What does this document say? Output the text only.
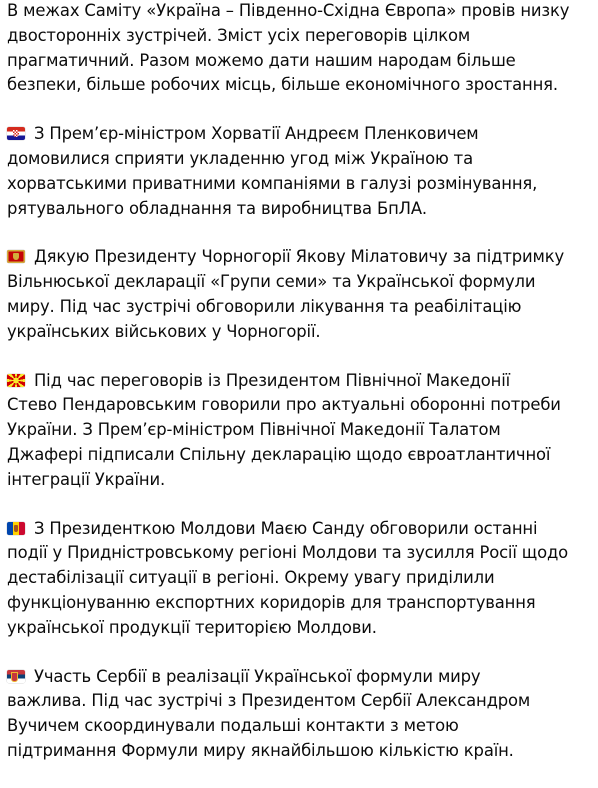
В межах Саміту «Україна – Південно-Східна Європа» провів низку
двосторонніх зустрічей. Зміст усіх переговорів цілком
прагматичний. Разом можемо дати нашим народам більше
безпеки, більше робочих місць, більше економічного зростання.

З Прем’єр-міністром Хорватії Андреєм Пленковичем
домовилися сприяти укладенню угод між Україною та
хорватськими приватними компаніями в галузі розмінування,
рятувального обладнання та виробництва БпЛА.

Дякую Президенту Чорногорії Якову Мілатовичу за підтримку
Вільнюської декларації «Групи семи» та Української формули
миру. Під час зустрічі обговорили лікування та реабілітацію
українських військових у Чорногорії.

Під час переговорів із Президентом Північної Македонії
Стево Пендаровським говорили про актуальні оборонні потреби
України. З Прем’єр-міністром Північної Македонії Талатом
Джафері підписали Спільну декларацію щодо євроатлантичної
інтеграції України.

З Президенткою Молдови Маєю Санду обговорили останні
події у Придністровському регіоні Молдови та зусилля Росії щодо
дестабілізації ситуації в регіоні. Окрему увагу приділили
функціонуванню експортних коридорів для транспортування
української продукції територією Молдови.

Участь Сербії в реалізації Української формули миру
важлива. Під час зустрічі з Президентом Сербії Александром
Вучичем скоординували подальші контакти з метою
підтримання Формули миру якнайбільшою кількістю країн.
